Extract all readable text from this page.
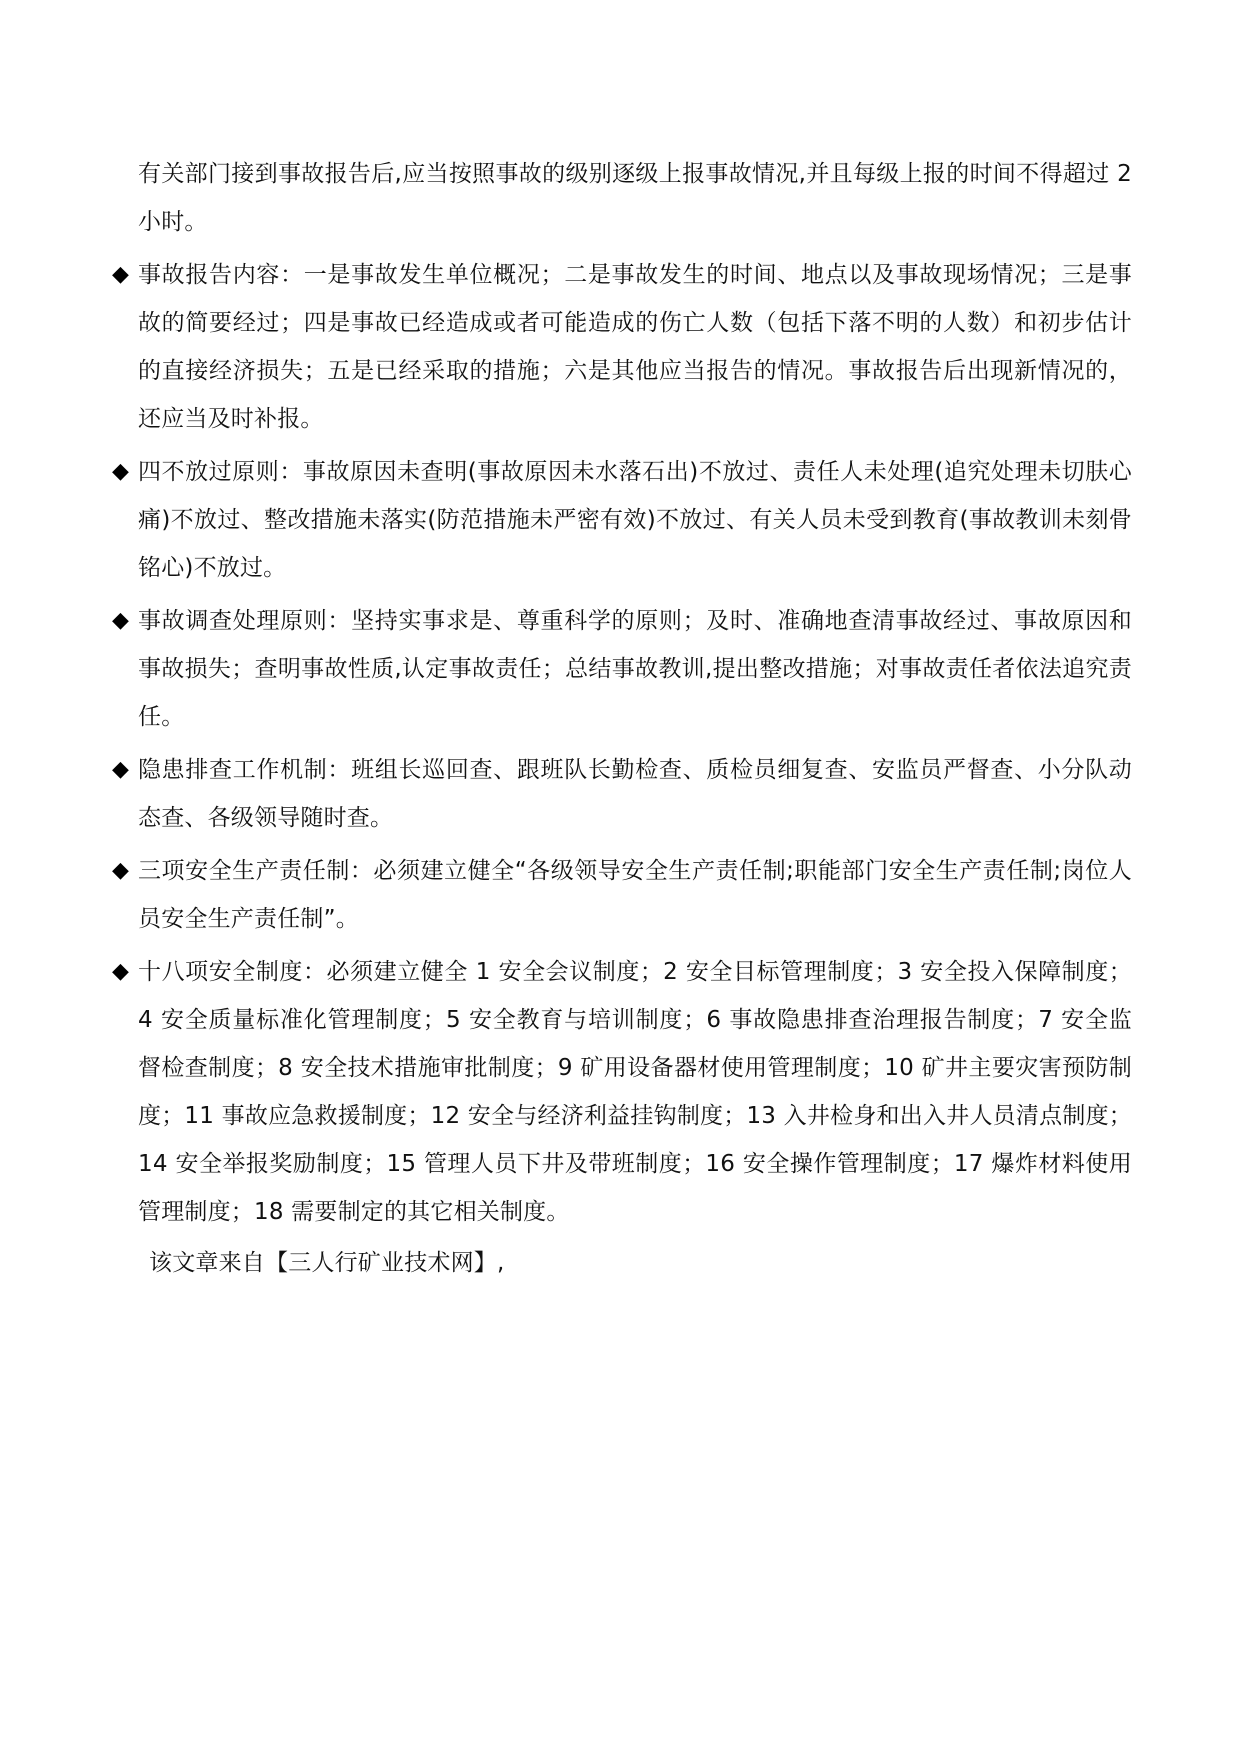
有关部门接到事故报告后,应当按照事故的级别逐级上报事故情况,并且每级上报的时间不得超过 2 小时。

◆ 事故报告内容：一是事故发生单位概况；二是事故发生的时间、地点以及事故现场情况；三是事故的简要经过；四是事故已经造成或者可能造成的伤亡人数（包括下落不明的人数）和初步估计的直接经济损失；五是已经采取的措施；六是其他应当报告的情况。事故报告后出现新情况的，还应当及时补报。

◆ 四不放过原则：事故原因未查明(事故原因未水落石出)不放过、责任人未处理(追究处理未切肤心痛)不放过、整改措施未落实(防范措施未严密有效)不放过、有关人员未受到教育(事故教训未刻骨铭心)不放过。

◆ 事故调查处理原则：坚持实事求是、尊重科学的原则；及时、准确地查清事故经过、事故原因和事故损失；查明事故性质,认定事故责任；总结事故教训,提出整改措施；对事故责任者依法追究责任。

◆ 隐患排查工作机制：班组长巡回查、跟班队长勤检查、质检员细复查、安监员严督查、小分队动态查、各级领导随时查。

◆ 三项安全生产责任制：必须建立健全“各级领导安全生产责任制;职能部门安全生产责任制;岗位人员安全生产责任制”。

◆ 十八项安全制度：必须建立健全 1 安全会议制度；2 安全目标管理制度；3 安全投入保障制度；4 安全质量标准化管理制度；5 安全教育与培训制度；6 事故隐患排查治理报告制度；7 安全监督检查制度；8 安全技术措施审批制度；9 矿用设备器材使用管理制度；10 矿井主要灾害预防制度；11 事故应急救援制度；12 安全与经济利益挂钩制度；13 入井检身和出入井人员清点制度；14 安全举报奖励制度；15 管理人员下井及带班制度；16 安全操作管理制度；17 爆炸材料使用管理制度；18 需要制定的其它相关制度。

该文章来自【三人行矿业技术网】,
